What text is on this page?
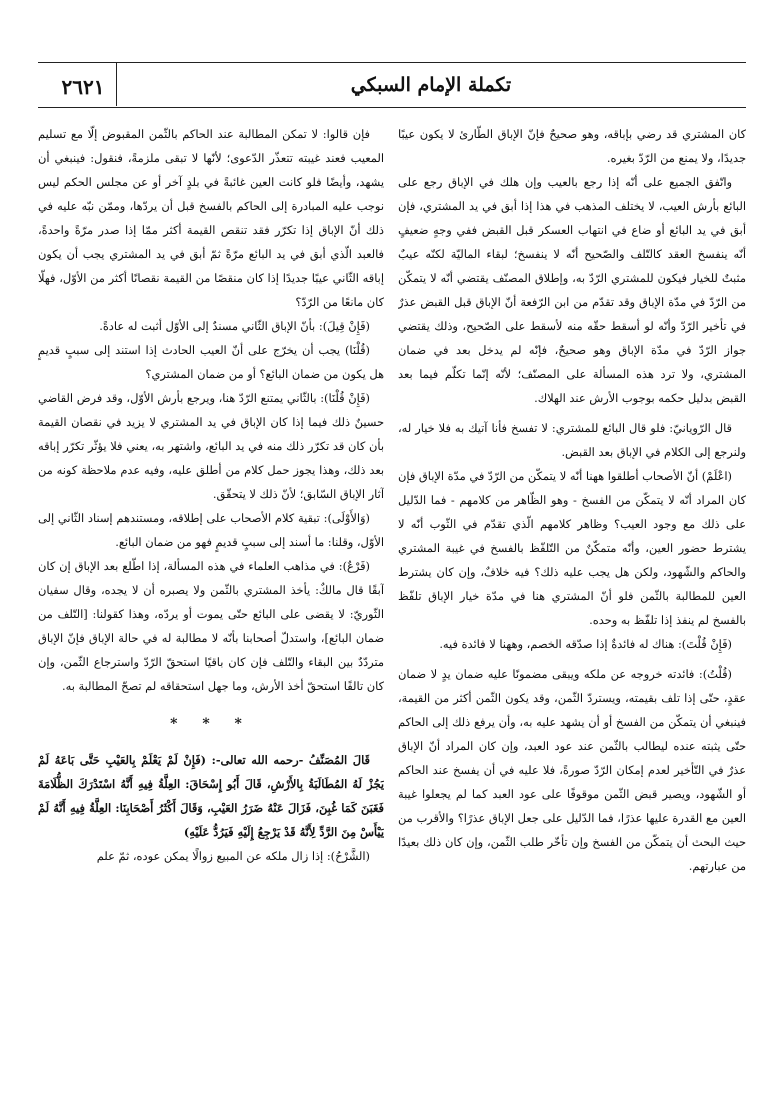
٢٦٢١	تكملة الإمام السبكي

كان المشتري قد رضي بإباقه، وهو صحيحٌ فإنّ الإباق الطّارئ لا يكون عيبًا جديدًا، ولا يمنع من الرّدّ بغيره.

واتّفق الجميع على أنّه إذا رجع بالعيب وإن هلك في الإباق رجع على البائع بأرش العيب، لا يختلف المذهب في هذا إذا أبق في يد المشتري، فإن أبق في يد البائع أو ضاع في انتهاب العسكر قبل القبض ففي وجهٍ ضعيفٍ أنّه ينفسخ العقد كالتّلف والصّحيح أنّه لا ينفسخ؛ لبقاء الماليّة لكنّه عيبٌ مثبتٌ للخيار فيكون للمشتري الرّدّ به، وإطلاق المصنّف يقتضي أنّه لا يتمكّن من الرّدّ في مدّة الإباق وقد تقدّم من ابن الرّفعة أنّ الإباق قبل القبض عذرٌ في تأخير الرّدّ وأنّه لو أسقط حقّه منه لأسقط على الصّحيح، وذلك يقتضي جواز الرّدّ في مدّة الإباق وهو صحيحٌ، فإنّه لم يدخل بعد في ضمان المشتري، ولا ترد هذه المسألة على المصنّف؛ لأنّه إنّما تكلّم فيما بعد القبض بدليل حكمه بوجوب الأرش عند الهلاك.

قال الرّويانيّ: فلو قال البائع للمشتري: لا تفسخ فأنا آتيك به فلا خيار له، ولنرجع إلى الكلام في الإباق بعد القبض.

(اعْلَمْ) أنّ الأصحاب أطلقوا ههنا أنّه لا يتمكّن من الرّدّ في مدّة الإباق فإن كان المراد أنّه لا يتمكّن من الفسخ - وهو الظّاهر من كلامهم - فما الدّليل على ذلك مع وجود العيب؟ وظاهر كلامهم الّذي تقدّم في الثّوب أنّه لا يشترط حضور العين، وأنّه متمكّنٌ من التّلفّظ بالفسخ في غيبة المشتري والحاكم والشّهود، ولكن هل يجب عليه ذلك؟ فيه خلافٌ، وإن كان يشترط العين للمطالبة بالثّمن فلو أنّ المشتري هنا في مدّة خيار الإباق تلفّظ بالفسخ لم ينفذ إذا تلفّظ به وحده.

(فَإِنْ قُلْتَ): هناك له فائدةٌ إذا صدّقه الخصم، وههنا لا فائدة فيه.

(قُلْتُ): فائدته خروجه عن ملكه ويبقى مضمونًا عليه ضمان يدٍ لا ضمان عقدٍ، حتّى إذا تلف بقيمته، ويستردّ الثّمن، وقد يكون الثّمن أكثر من القيمة، فينبغي أن يتمكّن من الفسخ أو أن يشهد عليه به، وأن يرفع ذلك إلى الحاكم حتّى يثبته عنده ليطالب بالثّمن عند عود العبد، وإن كان المراد أنّ الإباق عذرٌ في التّأخير لعدم إمكان الرّدّ صورةً، فلا عليه في أن يفسخ عند الحاكم أو الشّهود، ويصير قبض الثّمن موقوفًا على عود العبد كما لم يجعلوا غيبة العين مع القدرة عليها عذرًا، فما الدّليل على جعل الإباق عذرًا؟ والأقرب من حيث البحث أن يتمكّن من الفسخ وإن تأخّر طلب الثّمن، وإن كان ذلك بعيدًا من عبارتهم.

فإن قالوا: لا تمكن المطالبة عند الحاكم بالثّمن المقبوض إلّا مع تسليم المعيب فعند غيبته تتعذّر الدّعوى؛ لأنّها لا تبقى ملزمةً، فنقول: فينبغي أن يشهد، وأيضًا فلو كانت العين غائبةً في بلدٍ آخر أو عن مجلس الحكم ليس نوجب عليه المبادرة إلى الحاكم بالفسخ قبل أن يردّها، وممّن نبّه عليه في ذلك أنّ الإباق إذا تكرّر فقد تنقص القيمة أكثر ممّا إذا صدر مرّةً واحدةً، فالعبد الّذي أبق في يد البائع مرّةً ثمّ أبق في يد المشتري يجب أن يكون إباقه الثّاني عيبًا جديدًا إذا كان منقصًا من القيمة نقصانًا أكثر من الأوّل، فهلّا كان مانعًا من الرّدّ؟

(فَإِنْ قِيلَ): بأنّ الإباق الثّاني مسندٌ إلى الأوّل أثبت له عادةً.

(قُلْنَا) يجب أن يخرّج على أنّ العيب الحادث إذا استند إلى سببٍ قديمٍ هل يكون من ضمان البائع؟ أو من ضمان المشتري؟

(فَإِنْ قُلْنَا): بالثّاني يمتنع الرّدّ هنا، ويرجع بأرش الأوّل، وقد فرض القاضي حسينٌ ذلك فيما إذا كان الإباق في يد المشتري لا يزيد في نقصان القيمة بأن كان قد تكرّر ذلك منه في يد البائع، واشتهر به، يعني فلا يؤثّر تكرّر إباقه بعد ذلك، وهذا يجوز حمل كلام من أطلق عليه، وفيه عدم ملاحظة كونه من آثار الإباق السّابق؛ لأنّ ذلك لا يتحقّق.

(وَالأَوْلَى): تبقية كلام الأصحاب على إطلاقه، ومستندهم إسناد الثّاني إلى الأوّل، وقلنا: ما أسند إلى سببٍ قديمٍ فهو من ضمان البائع.

(فَرْعٌ): في مذاهب العلماء في هذه المسألة، إذا اطّلع بعد الإباق إن كان آبقًا قال مالكٌ: يأخذ المشتري بالثّمن ولا يصبره أن لا يجده، وقال سفيان الثّوريّ: لا يقضى على البائع حتّى يموت أو يردّه، وهذا كقولنا: [التّلف من ضمان البائع]، واستدلّ أصحابنا بأنّه لا مطالبة له في حالة الإباق فإنّ الإباق متردّدٌ بين البقاء والتّلف فإن كان باقيًا استحقّ الرّدّ واسترجاع الثّمن، وإن كان تالفًا استحقّ أخذ الأرش، وما جهل استحقاقه لم تصحّ المطالبة به.

* * *

قَالَ المُصَنِّفُ -رحمه الله تعالى-: (فَإِنْ لَمْ يَعْلَمْ بِالعَيْبِ حَتَّى بَاعَهُ لَمْ يَجُزْ لَهُ المُطَالَبَةُ بِالأَرْشِ، قَالَ أَبُو إِسْحَاقَ: العِلَّةُ فِيهِ أَنَّهُ اسْتَدْرَكَ الظُّلَامَةَ فَغَبَنَ كَمَا غُبِنَ، فَزَالَ عَنْهُ ضَرَرُ العَيْبِ، وَقَالَ أَكْثَرُ أَصْحَابِنَا: العِلَّةُ فِيهِ أَنَّهُ لَمْ يَيْأَسْ مِنَ الرَّدِّ لِأَنَّهُ قَدْ يَرْجِعُ إِلَيْهِ فَيَرُدُّ عَلَيْهِ)

(الشَّرْحُ): إذا زال ملكه عن المبيع زوالًا يمكن عوده، ثمّ علم
